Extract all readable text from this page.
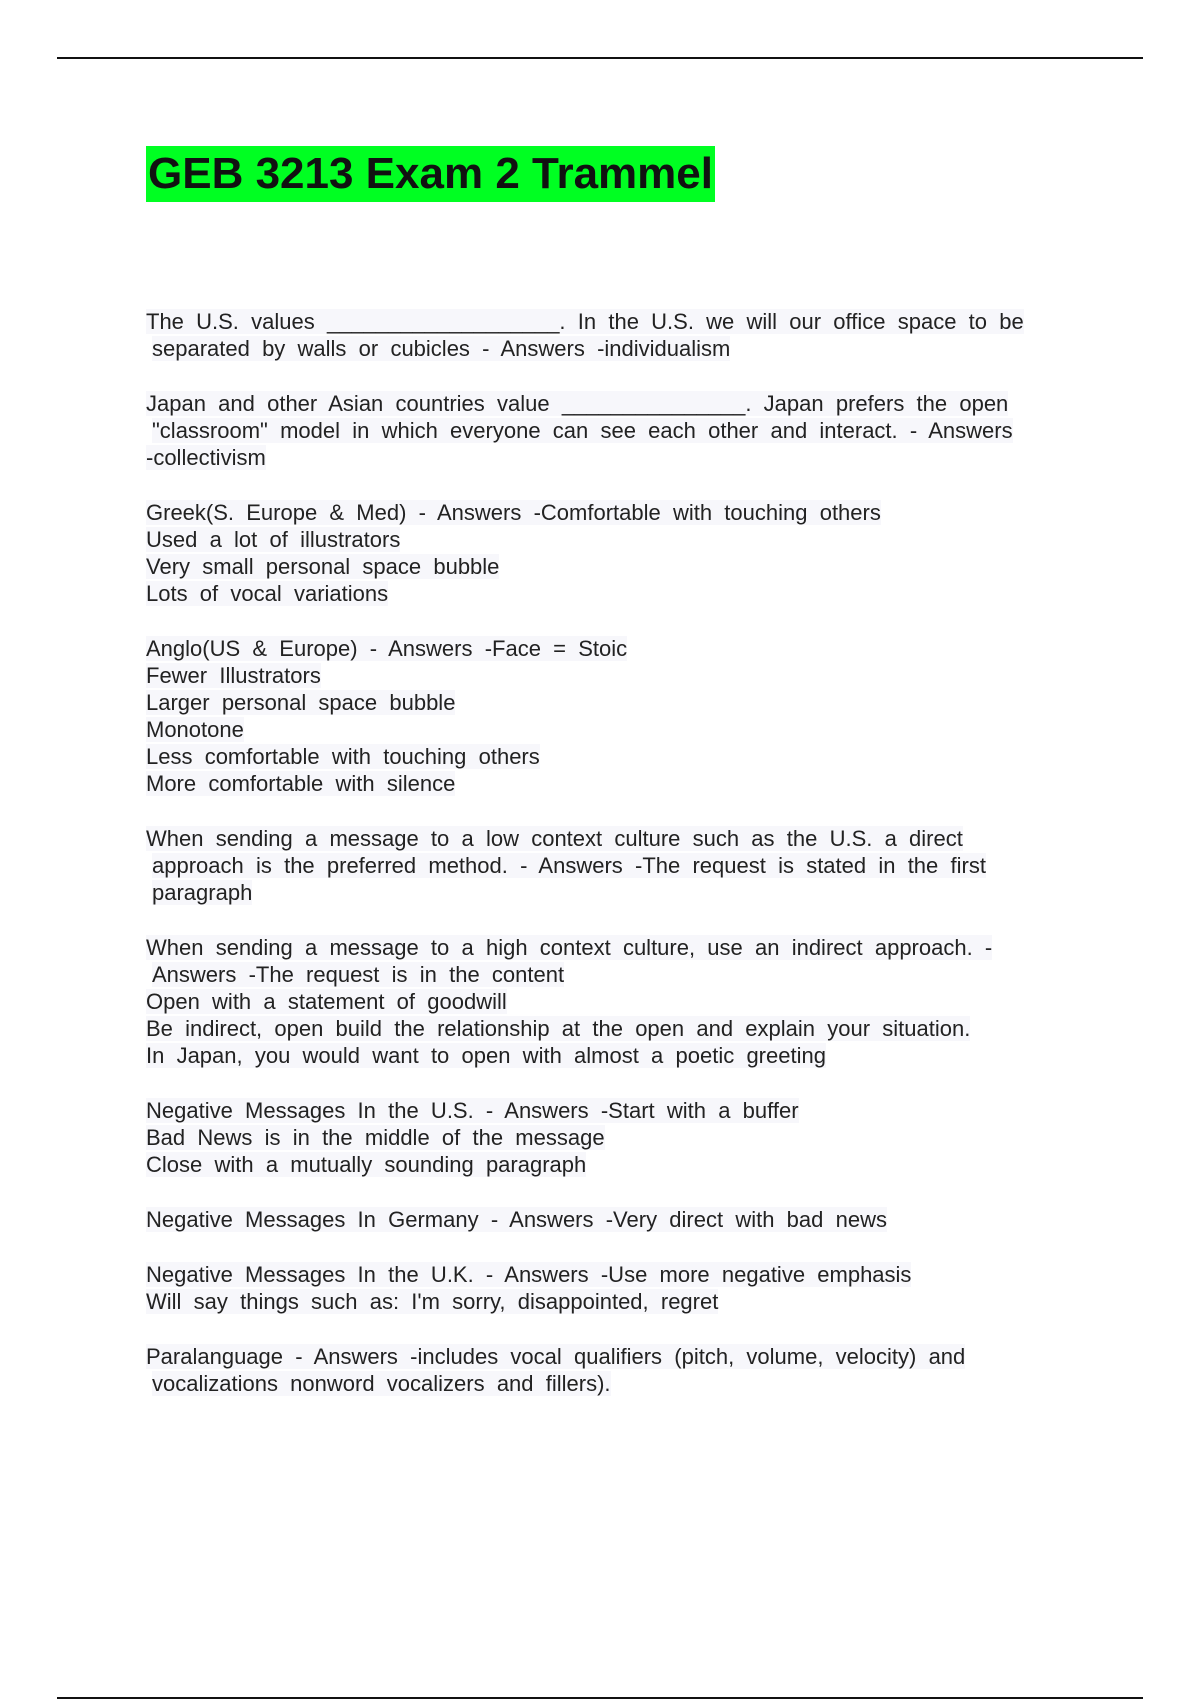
GEB 3213 Exam 2 Trammel
The  U.S.  values  ___________________.  In  the  U.S.  we  will  our  office  space  to  be
separated  by  walls  or  cubicles  -  Answers  -individualism
Japan  and  other  Asian  countries  value  _______________.  Japan  prefers  the  open
"classroom"  model  in  which  everyone  can  see  each  other  and  interact.  -  Answers
-collectivism
Greek(S.  Europe  &  Med)  -  Answers  -Comfortable  with  touching  others
Used  a  lot  of  illustrators
Very  small  personal  space  bubble
Lots  of  vocal  variations
Anglo(US  &  Europe)  -  Answers  -Face  =  Stoic
Fewer  Illustrators
Larger  personal  space  bubble
Monotone
Less  comfortable  with  touching  others
More  comfortable  with  silence
When  sending  a  message  to  a  low  context  culture  such  as  the  U.S.  a  direct
approach  is  the  preferred  method.  -  Answers  -The  request  is  stated  in  the  first
paragraph
When  sending  a  message  to  a  high  context  culture,  use  an  indirect  approach.  -
Answers  -The  request  is  in  the  content
Open  with  a  statement  of  goodwill
Be  indirect,  open  build  the  relationship  at  the  open  and  explain  your  situation.
In  Japan,  you  would  want  to  open  with  almost  a  poetic  greeting
Negative  Messages  In  the  U.S.  -  Answers  -Start  with  a  buffer
Bad  News  is  in  the  middle  of  the  message
Close  with  a  mutually  sounding  paragraph
Negative  Messages  In  Germany  -  Answers  -Very  direct  with  bad  news
Negative  Messages  In  the  U.K.  -  Answers  -Use  more  negative  emphasis
Will  say  things  such  as:  I'm  sorry,  disappointed,  regret
Paralanguage  -  Answers  -includes  vocal  qualifiers  (pitch,  volume,  velocity)  and
vocalizations  nonword  vocalizers  and  fillers).
